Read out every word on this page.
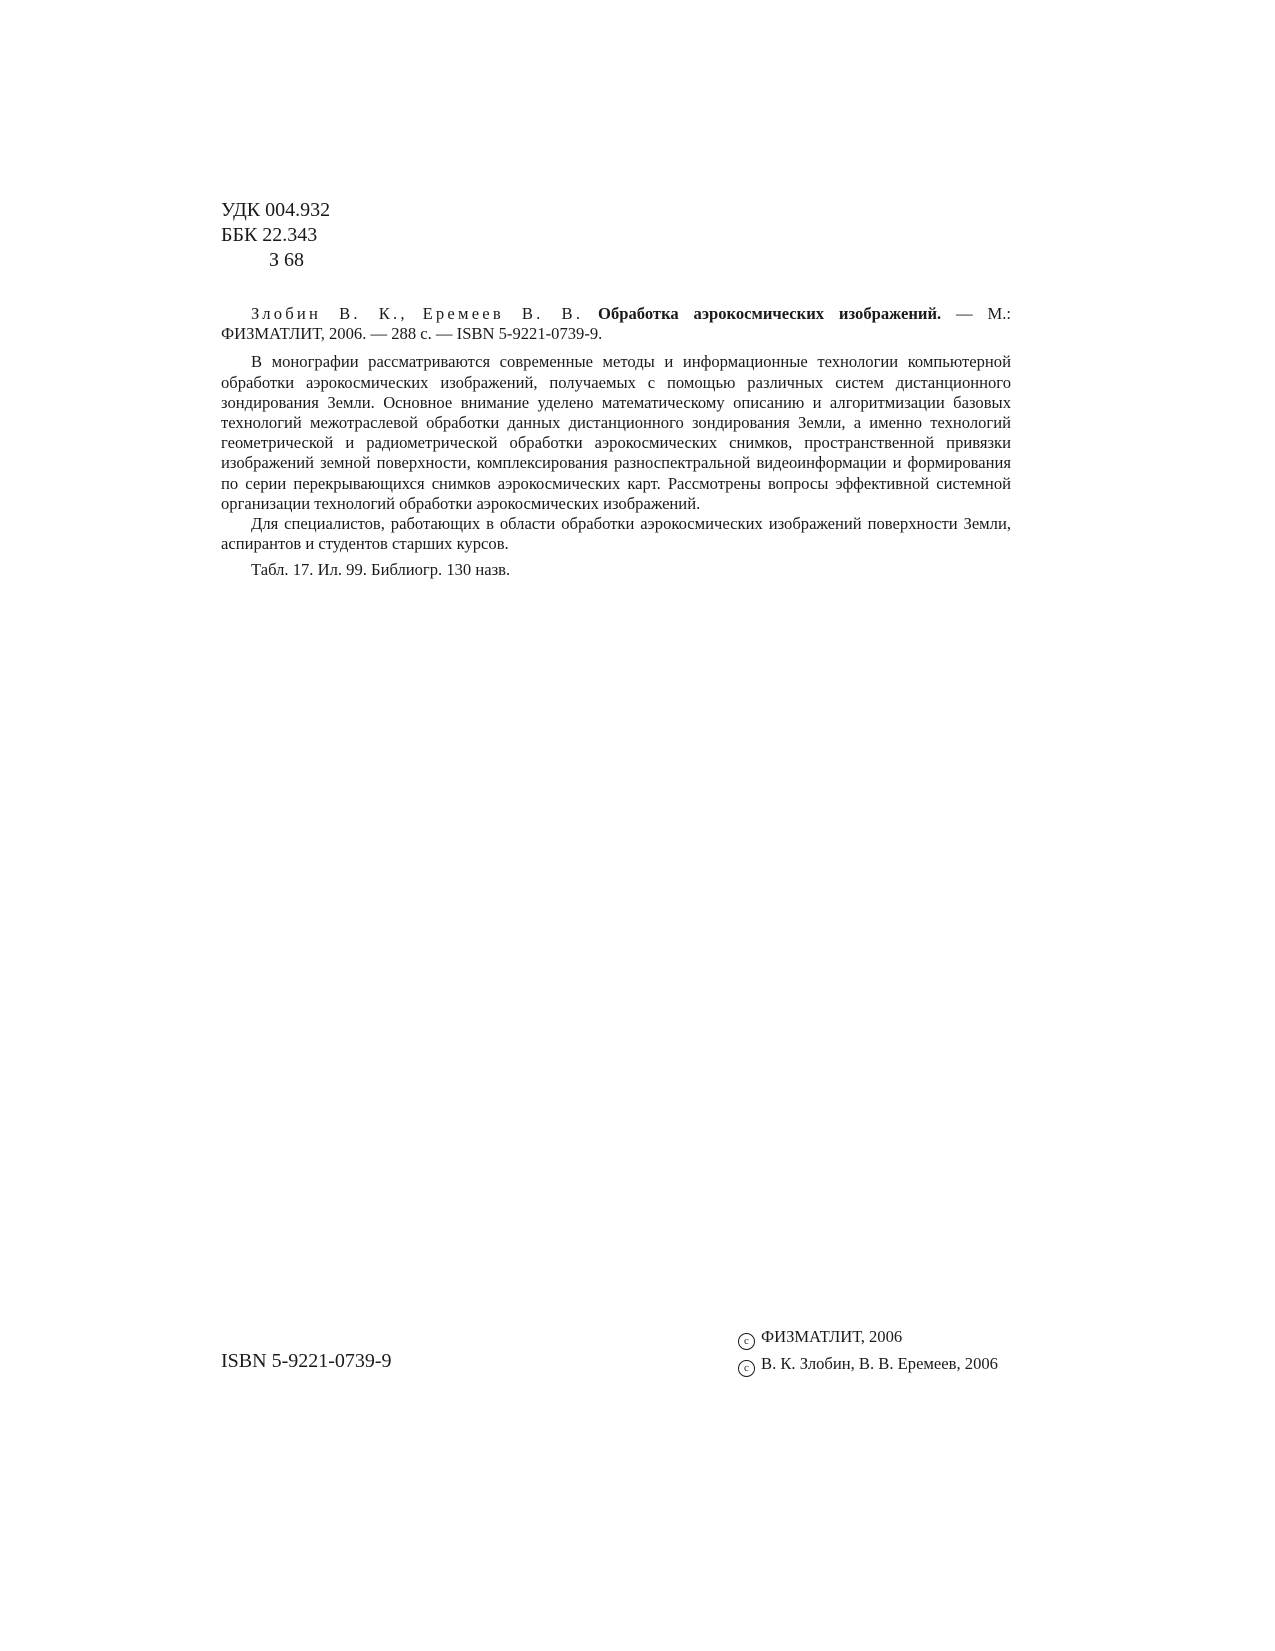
УДК 004.932
ББК 22.343
З 68

Злобин В. К., Еремеев В. В. Обработка аэрокосмических изображений. — М.: ФИЗМАТЛИТ, 2006. — 288 с. — ISBN 5-9221-0739-9.

В монографии рассматриваются современные методы и информационные технологии компьютерной обработки аэрокосмических изображений, получаемых с помощью различных систем дистанционного зондирования Земли. Основное внимание уделено математическому описанию и алгоритмизации базовых технологий межотраслевой обработки данных дистанционного зондирования Земли, а именно технологий геометрической и радиометрической обработки аэрокосмических снимков, пространственной привязки изображений земной поверхности, комплексирования разноспектральной видеоинформации и формирования по серии перекрывающихся снимков аэрокосмических карт. Рассмотрены вопросы эффективной системной организации технологий обработки аэрокосмических изображений.

Для специалистов, работающих в области обработки аэрокосмических изображений поверхности Земли, аспирантов и студентов старших курсов.

Табл. 17. Ил. 99. Библиогр. 130 назв.

ISBN 5-9221-0739-9
c ФИЗМАТЛИТ, 2006
c В. К. Злобин, В. В. Еремеев, 2006
